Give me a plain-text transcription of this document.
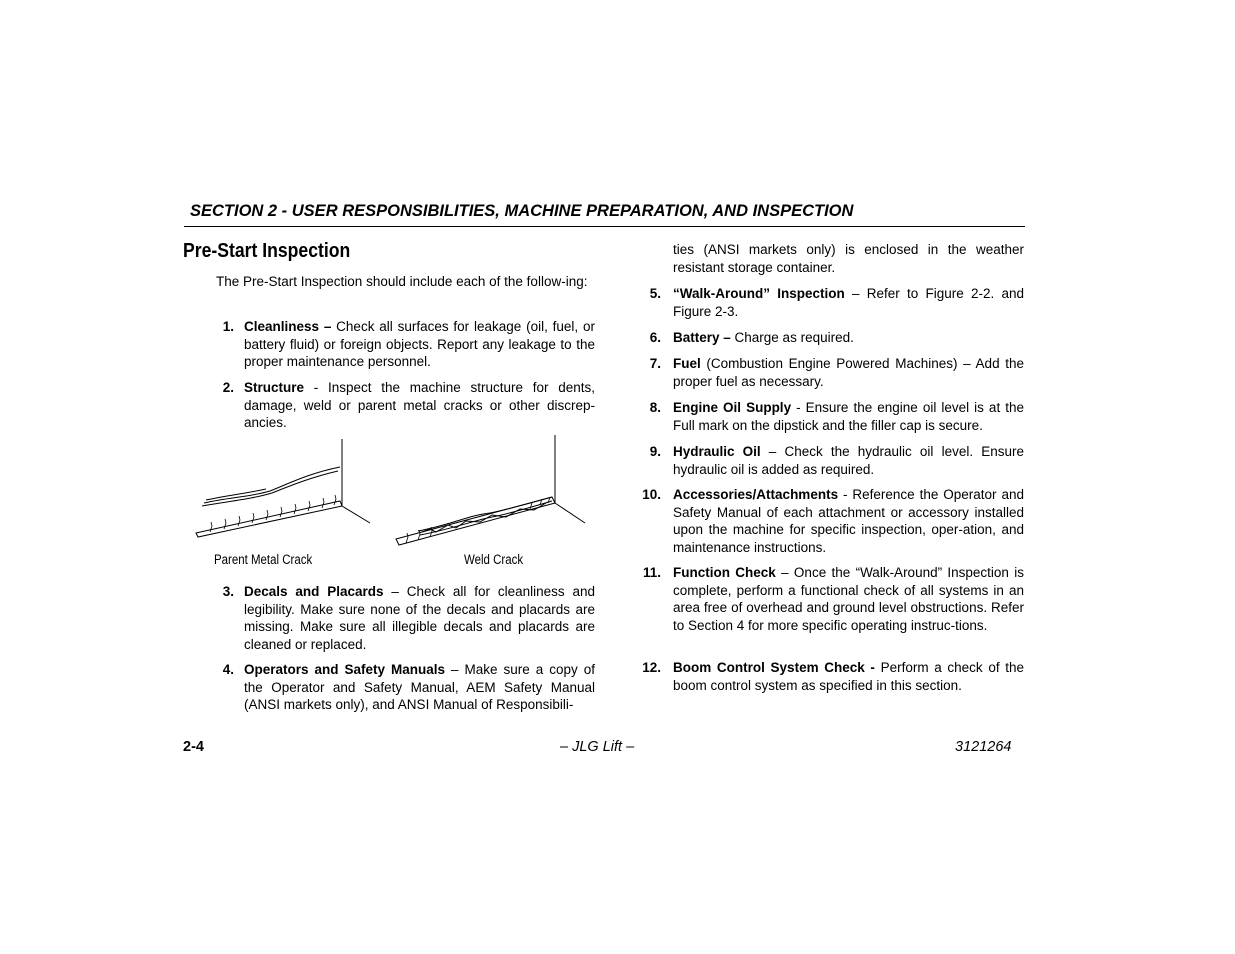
SECTION 2 - USER RESPONSIBILITIES, MACHINE PREPARATION, AND INSPECTION
Pre-Start Inspection
The Pre-Start Inspection should include each of the follow-ing:
1. Cleanliness – Check all surfaces for leakage (oil, fuel, or battery fluid) or foreign objects. Report any leakage to the proper maintenance personnel.
2. Structure - Inspect the machine structure for dents, damage, weld or parent metal cracks or other discrep-ancies.
Parent Metal Crack	Weld Crack
3. Decals and Placards – Check all for cleanliness and legibility. Make sure none of the decals and placards are missing. Make sure all illegible decals and placards are cleaned or replaced.
4. Operators and Safety Manuals – Make sure a copy of the Operator and Safety Manual, AEM Safety Manual (ANSI markets only), and ANSI Manual of Responsibili-
ties (ANSI markets only) is enclosed in the weather resistant storage container.
5. “Walk-Around” Inspection – Refer to Figure 2-2. and Figure 2-3.
6. Battery – Charge as required.
7. Fuel (Combustion Engine Powered Machines) – Add the proper fuel as necessary.
8. Engine Oil Supply - Ensure the engine oil level is at the Full mark on the dipstick and the filler cap is secure.
9. Hydraulic Oil – Check the hydraulic oil level. Ensure hydraulic oil is added as required.
10. Accessories/Attachments - Reference the Operator and Safety Manual of each attachment or accessory installed upon the machine for specific inspection, oper-ation, and maintenance instructions.
11. Function Check – Once the “Walk-Around” Inspection is complete, perform a functional check of all systems in an area free of overhead and ground level obstructions. Refer to Section 4 for more specific operating instruc-tions.
12. Boom Control System Check - Perform a check of the boom control system as specified in this section.
2-4	– JLG Lift –	3121264
